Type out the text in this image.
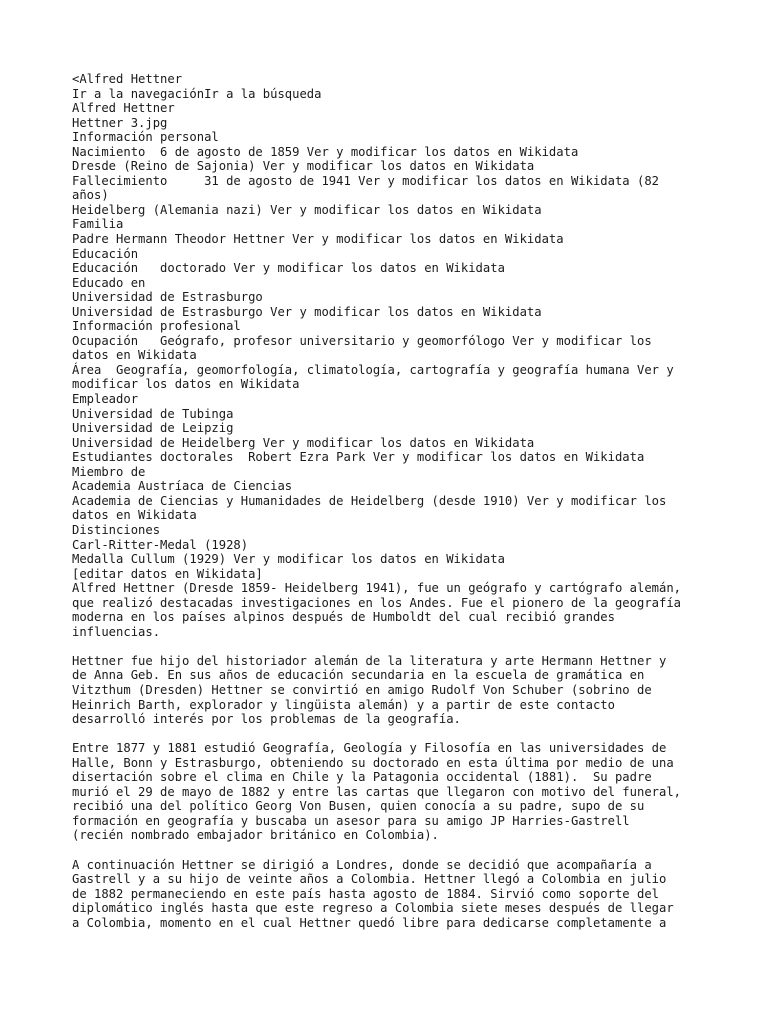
<Alfred Hettner
Ir a la navegaciónIr a la búsqueda
Alfred Hettner
Hettner 3.jpg
Información personal
Nacimiento  6 de agosto de 1859 Ver y modificar los datos en Wikidata
Dresde (Reino de Sajonia) Ver y modificar los datos en Wikidata
Fallecimiento     31 de agosto de 1941 Ver y modificar los datos en Wikidata (82
años)
Heidelberg (Alemania nazi) Ver y modificar los datos en Wikidata
Familia
Padre Hermann Theodor Hettner Ver y modificar los datos en Wikidata
Educación
Educación   doctorado Ver y modificar los datos en Wikidata
Educado en
Universidad de Estrasburgo
Universidad de Estrasburgo Ver y modificar los datos en Wikidata
Información profesional
Ocupación   Geógrafo, profesor universitario y geomorfólogo Ver y modificar los
datos en Wikidata
Área  Geografía, geomorfología, climatología, cartografía y geografía humana Ver y
modificar los datos en Wikidata
Empleador
Universidad de Tubinga
Universidad de Leipzig
Universidad de Heidelberg Ver y modificar los datos en Wikidata
Estudiantes doctorales  Robert Ezra Park Ver y modificar los datos en Wikidata
Miembro de
Academia Austríaca de Ciencias
Academia de Ciencias y Humanidades de Heidelberg (desde 1910) Ver y modificar los
datos en Wikidata
Distinciones
Carl-Ritter-Medal (1928)
Medalla Cullum (1929) Ver y modificar los datos en Wikidata
[editar datos en Wikidata]
Alfred Hettner (Dresde 1859- Heidelberg 1941), fue un geógrafo y cartógrafo alemán,
que realizó destacadas investigaciones en los Andes. Fue el pionero de la geografía
moderna en los países alpinos después de Humboldt del cual recibió grandes
influencias.
Hettner fue hijo del historiador alemán de la literatura y arte Hermann Hettner y
de Anna Geb. En sus años de educación secundaria en la escuela de gramática en
Vitzthum (Dresden) Hettner se convirtió en amigo Rudolf Von Schuber (sobrino de
Heinrich Barth, explorador y lingüista alemán) y a partir de este contacto
desarrolló interés por los problemas de la geografía.
Entre 1877 y 1881 estudió Geografía, Geología y Filosofía en las universidades de
Halle, Bonn y Estrasburgo, obteniendo su doctorado en esta última por medio de una
disertación sobre el clima en Chile y la Patagonia occidental (1881).  Su padre
murió el 29 de mayo de 1882 y entre las cartas que llegaron con motivo del funeral,
recibió una del político Georg Von Busen, quien conocía a su padre, supo de su
formación en geografía y buscaba un asesor para su amigo JP Harries-Gastrell
(recién nombrado embajador británico en Colombia).
A continuación Hettner se dirigió a Londres, donde se decidió que acompañaría a
Gastrell y a su hijo de veinte años a Colombia. Hettner llegó a Colombia en julio
de 1882 permaneciendo en este país hasta agosto de 1884. Sirvió como soporte del
diplomático inglés hasta que este regreso a Colombia siete meses después de llegar
a Colombia, momento en el cual Hettner quedó libre para dedicarse completamente a
